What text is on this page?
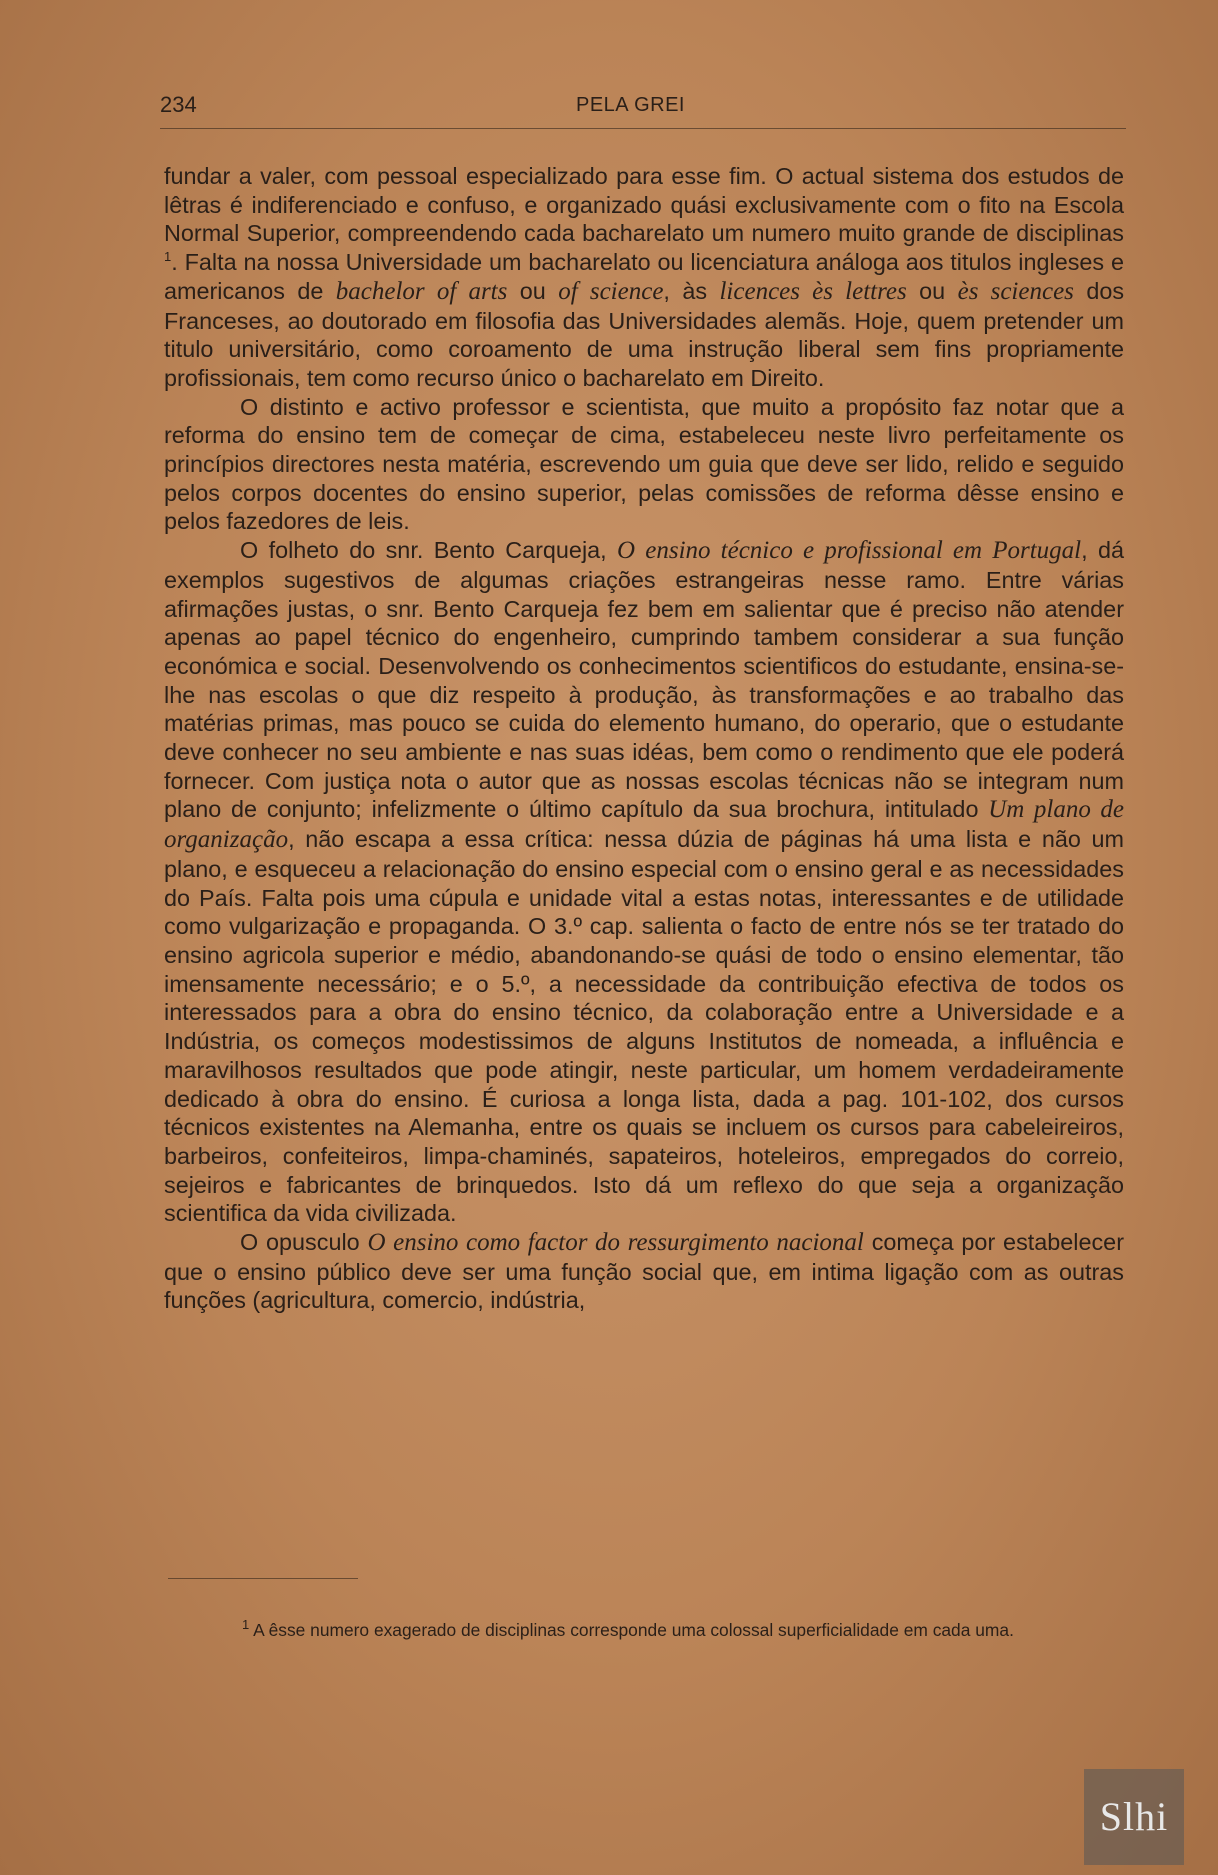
234	PELA GREI

fundar a valer, com pessoal especializado para esse fim. O actual sistema dos estudos de lêtras é indiferenciado e confuso, e organizado quási exclusivamente com o fito na Escola Normal Superior, compreendendo cada bacharelato um numero muito grande de disciplinas $^1$. Falta na nossa Universidade um bacharelato ou licenciatura análoga aos titulos ingleses e americanos de bachelor of arts ou of science, às licences ès lettres ou ès sciences dos Franceses, ao doutorado em filosofia das Universidades alemãs. Hoje, quem pretender um titulo universitário, como coroamento de uma instrução liberal sem fins propriamente profissionais, tem como recurso único o bacharelato em Direito.

O distinto e activo professor e scientista, que muito a propósito faz notar que a reforma do ensino tem de começar de cima, estabeleceu neste livro perfeitamente os princípios directores nesta matéria, escrevendo um guia que deve ser lido, relido e seguido pelos corpos docentes do ensino superior, pelas comissões de reforma dêsse ensino e pelos fazedores de leis.

O folheto do snr. Bento Carqueja, O ensino técnico e profissional em Portugal, dá exemplos sugestivos de algumas criações estrangeiras nesse ramo. Entre várias afirmações justas, o snr. Bento Carqueja fez bem em salientar que é preciso não atender apenas ao papel técnico do engenheiro, cumprindo tambem considerar a sua função económica e social. Desenvolvendo os conhecimentos scientificos do estudante, ensina-se-lhe nas escolas o que diz respeito à produção, às transformações e ao trabalho das matérias primas, mas pouco se cuida do elemento humano, do operario, que o estudante deve conhecer no seu ambiente e nas suas idéas, bem como o rendimento que ele poderá fornecer. Com justiça nota o autor que as nossas escolas técnicas não se integram num plano de conjunto; infelizmente o último capítulo da sua brochura, intitulado Um plano de organização, não escapa a essa crítica: nessa dúzia de páginas há uma lista e não um plano, e esqueceu a relacionação do ensino especial com o ensino geral e as necessidades do País. Falta pois uma cúpula e unidade vital a estas notas, interessantes e de utilidade como vulgarização e propaganda. O 3.º cap. salienta o facto de entre nós se ter tratado do ensino agricola superior e médio, abandonando-se quási de todo o ensino elementar, tão imensamente necessário; e o 5.º, a necessidade da contribuição efectiva de todos os interessados para a obra do ensino técnico, da colaboração entre a Universidade e a Indústria, os começos modestissimos de alguns Institutos de nomeada, a influência e maravilhosos resultados que pode atingir, neste particular, um homem verdadeiramente dedicado à obra do ensino. É curiosa a longa lista, dada a pag. 101-102, dos cursos técnicos existentes na Alemanha, entre os quais se incluem os cursos para cabeleireiros, barbeiros, confeiteiros, limpa-chaminés, sapateiros, hoteleiros, empregados do correio, sejeiros e fabricantes de brinquedos. Isto dá um reflexo do que seja a organização scientifica da vida civilizada.

O opusculo O ensino como factor do ressurgimento nacional começa por estabelecer que o ensino público deve ser uma função social que, em intima ligação com as outras funções (agricultura, comercio, indústria,

$^1$ A êsse numero exagerado de disciplinas corresponde uma colossal superficialidade em cada uma.
Slhi
